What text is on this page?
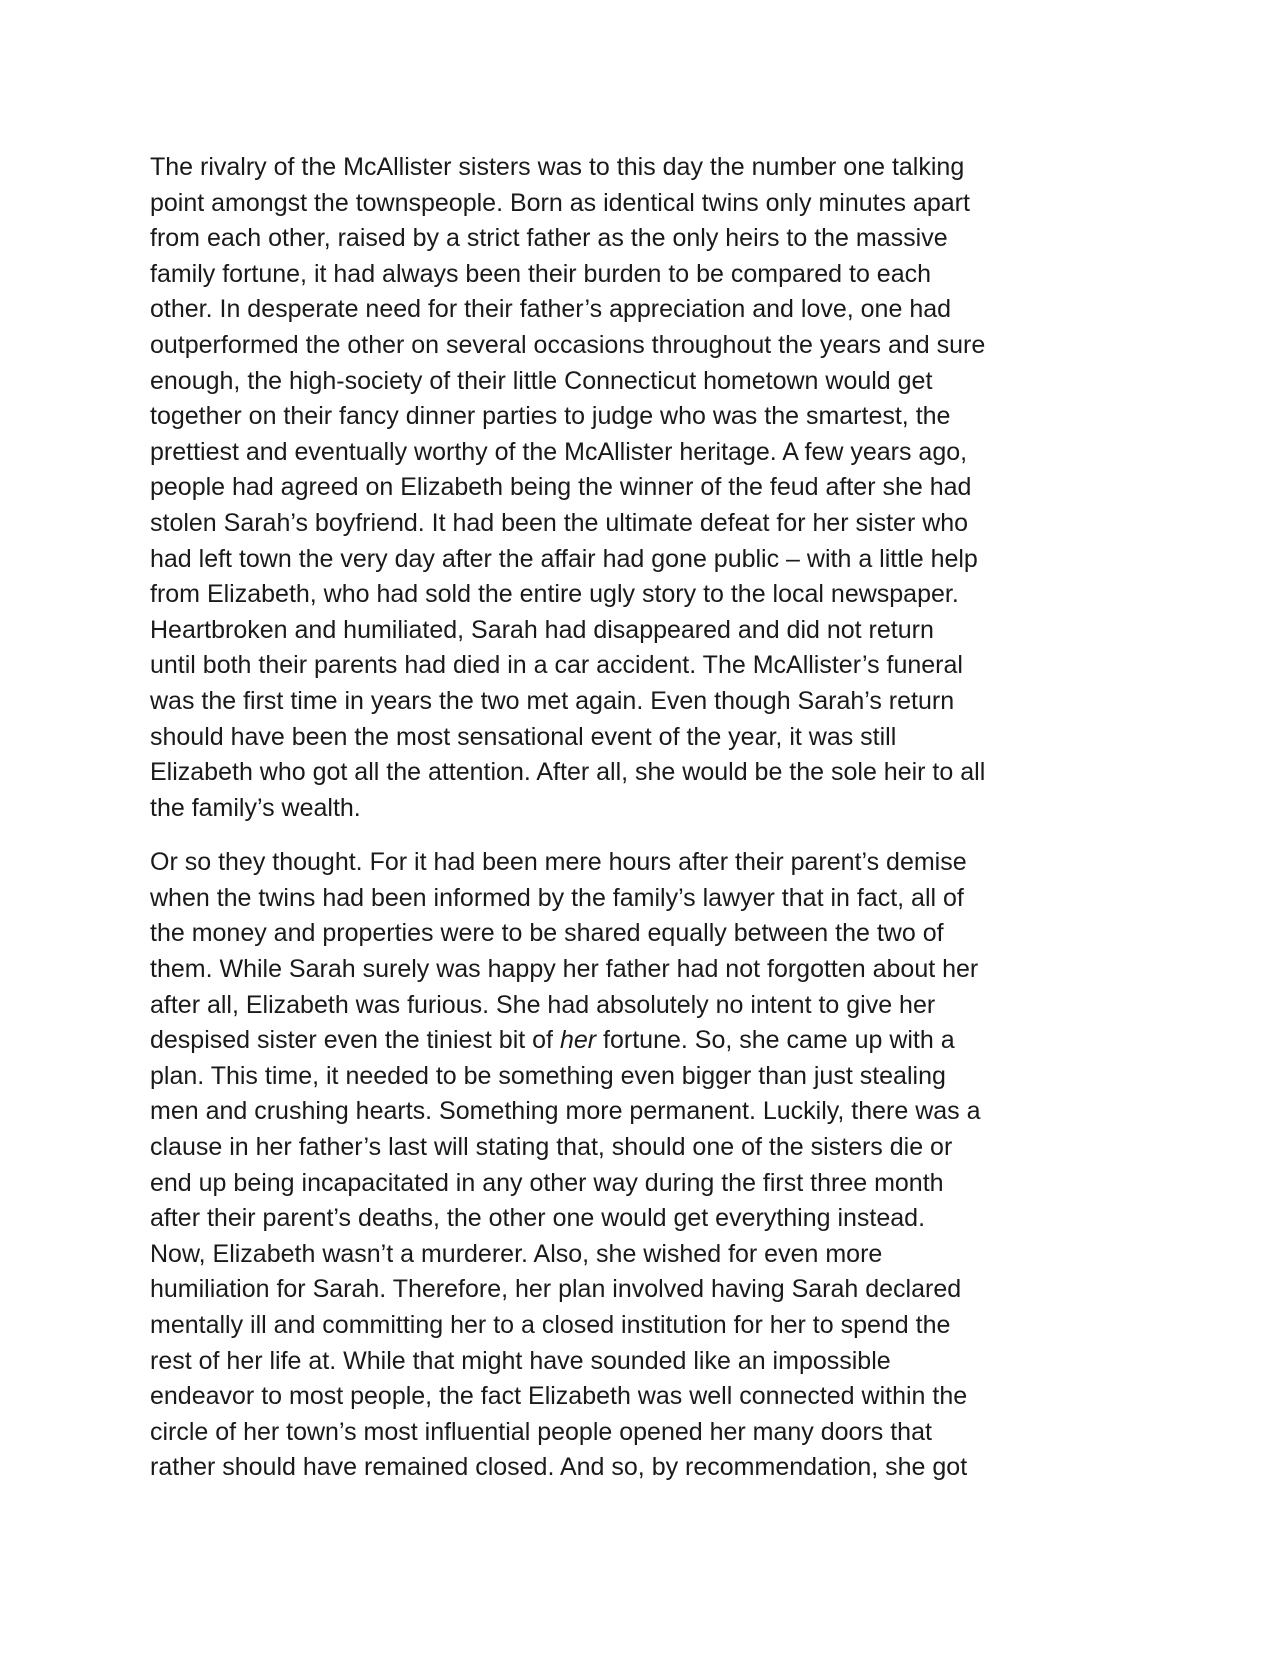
The rivalry of the McAllister sisters was to this day the number one talking

point amongst the townspeople. Born as identical twins only minutes apart

from each other, raised by a strict father as the only heirs to the massive

family fortune, it had always been their burden to be compared to each

other. In desperate need for their father’s appreciation and love, one had

outperformed the other on several occasions throughout the years and sure

enough, the high-society of their little Connecticut hometown would get

together on their fancy dinner parties to judge who was the smartest, the

prettiest and eventually worthy of the McAllister heritage. A few years ago,

people had agreed on Elizabeth being the winner of the feud after she had

stolen Sarah’s boyfriend. It had been the ultimate defeat for her sister who

had left town the very day after the affair had gone public – with a little help

from Elizabeth, who had sold the entire ugly story to the local newspaper.

Heartbroken and humiliated, Sarah had disappeared and did not return

until both their parents had died in a car accident. The McAllister’s funeral

was the first time in years the two met again. Even though Sarah’s return

should have been the most sensational event of the year, it was still

Elizabeth who got all the attention. After all, she would be the sole heir to all

the family’s wealth.

Or so they thought. For it had been mere hours after their parent’s demise

when the twins had been informed by the family’s lawyer that in fact, all of

the money and properties were to be shared equally between the two of

them. While Sarah surely was happy her father had not forgotten about her

after all, Elizabeth was furious. She had absolutely no intent to give her

despised sister even the tiniest bit of her fortune. So, she came up with a

plan. This time, it needed to be something even bigger than just stealing

men and crushing hearts. Something more permanent. Luckily, there was a

clause in her father’s last will stating that, should one of the sisters die or

end up being incapacitated in any other way during the first three month

after their parent’s deaths, the other one would get everything instead.

Now, Elizabeth wasn’t a murderer. Also, she wished for even more

humiliation for Sarah. Therefore, her plan involved having Sarah declared

mentally ill and committing her to a closed institution for her to spend the

rest of her life at. While that might have sounded like an impossible

endeavor to most people, the fact Elizabeth was well connected within the

circle of her town’s most influential people opened her many doors that

rather should have remained closed. And so, by recommendation, she got
